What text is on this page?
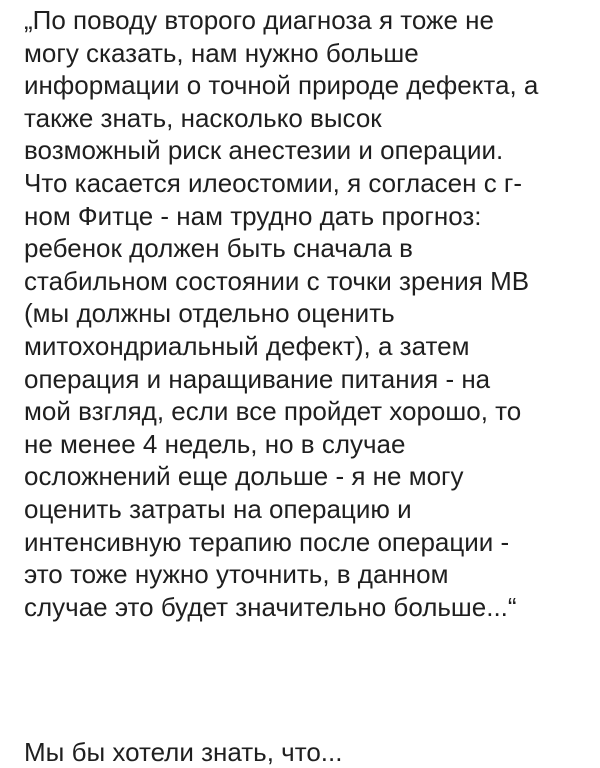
„По поводу второго диагноза я тоже не
могу сказать, нам нужно больше
информации о точной природе дефекта, а
также знать, насколько высок
возможный риск анестезии и операции.
Что касается илеостомии, я согласен с г-
ном Фитце - нам трудно дать прогноз:
ребенок должен быть сначала в
стабильном состоянии с точки зрения МВ
(мы должны отдельно оценить
митохондриальный дефект), а затем
операция и наращивание питания - на
мой взгляд, если все пройдет хорошо, то
не менее 4 недель, но в случае
осложнений еще дольше - я не могу
оценить затраты на операцию и
интенсивную терапию после операции -
это тоже нужно уточнить, в данном
случае это будет значительно больше...“
Мы бы хотели знать, что...
